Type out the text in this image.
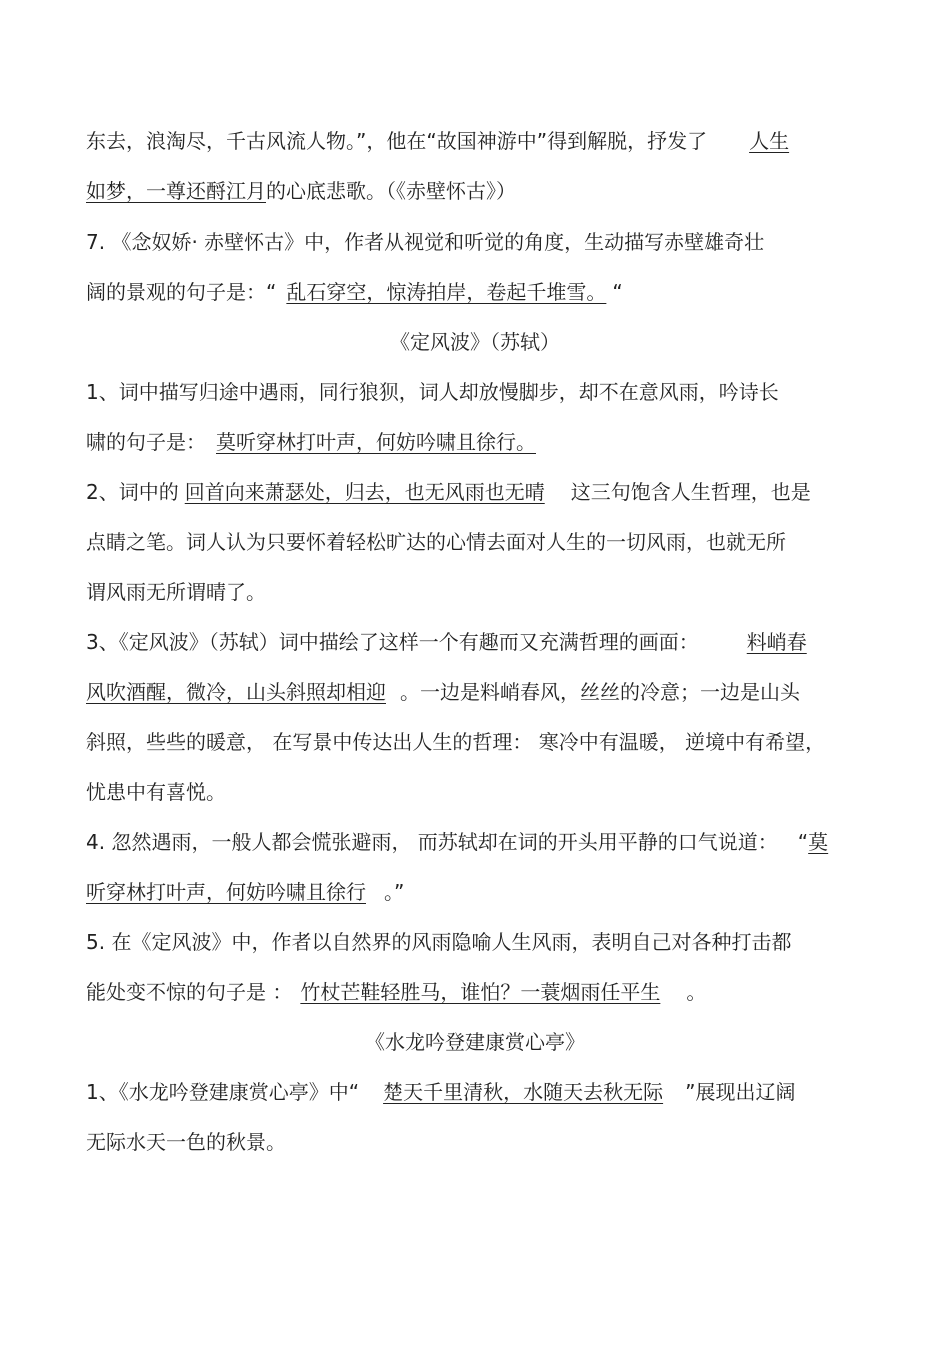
东去，浪淘尽，千古风流人物。”，他在“故国神游中”得到解脱，抒发了 人生
如梦，一尊还酹江月的心底悲歌。（《赤壁怀古》）
7. 《念奴娇· 赤壁怀古》中，作者从视觉和听觉的角度，生动描写赤壁雄奇壮
阔的景观的句子是：“ 乱石穿空，惊涛拍岸，卷起千堆雪。 “
《定风波》（苏轼）
1、词中描写归途中遇雨，同行狼狈，词人却放慢脚步，却不在意风雨，吟诗长
啸的句子是： 莫听穿林打叶声，何妨吟啸且徐行。
2、词中的 回首向来萧瑟处，归去，也无风雨也无晴 这三句饱含人生哲理，也是
点睛之笔。词人认为只要怀着轻松旷达的心情去面对人生的一切风雨，也就无所
谓风雨无所谓晴了。
3、《定风波》（苏轼）词中描绘了这样一个有趣而又充满哲理的画面： 料峭春
风吹酒醒，微冷，山头斜照却相迎 。一边是料峭春风，丝丝的冷意；一边是山头
斜照，些些的暖意， 在写景中传达出人生的哲理： 寒冷中有温暖， 逆境中有希望，
忧患中有喜悦。
4. 忽然遇雨，一般人都会慌张避雨， 而苏轼却在词的开头用平静的口气说道： “莫
听穿林打叶声，何妨吟啸且徐行 。”
5. 在《定风波》中，作者以自然界的风雨隐喻人生风雨，表明自己对各种打击都
能处变不惊的句子是 ： 竹杖芒鞋轻胜马，谁怕？一蓑烟雨任平生 。
《水龙吟登建康赏心亭》
1、《水龙吟登建康赏心亭》中“ 楚天千里清秋，水随天去秋无际 ”展现出辽阔
无际水天一色的秋景。
